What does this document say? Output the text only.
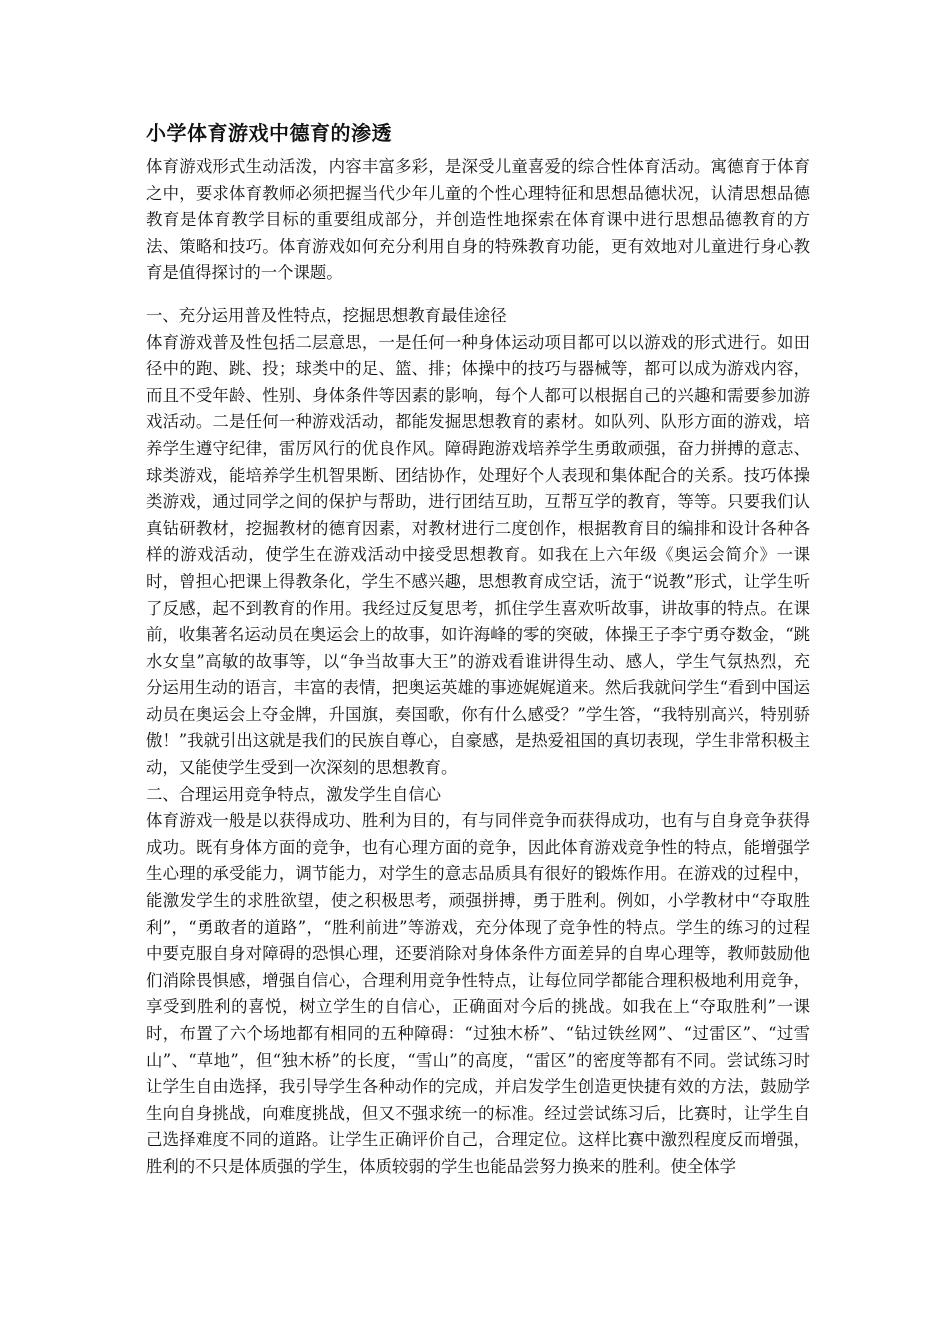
小学体育游戏中德育的渗透

体育游戏形式生动活泼，内容丰富多彩，是深受儿童喜爱的综合性体育活动。寓德育于体育之中，要求体育教师必须把握当代少年儿童的个性心理特征和思想品德状况，认清思想品德教育是体育教学目标的重要组成部分，并创造性地探索在体育课中进行思想品德教育的方法、策略和技巧。体育游戏如何充分利用自身的特殊教育功能，更有效地对儿童进行身心教育是值得探讨的一个课题。

一、充分运用普及性特点，挖掘思想教育最佳途径

体育游戏普及性包括二层意思，一是任何一种身体运动项目都可以以游戏的形式进行。如田径中的跑、跳、投；球类中的足、篮、排；体操中的技巧与器械等，都可以成为游戏内容，而且不受年龄、性别、身体条件等因素的影响，每个人都可以根据自己的兴趣和需要参加游戏活动。二是任何一种游戏活动，都能发掘思想教育的素材。如队列、队形方面的游戏，培养学生遵守纪律，雷厉风行的优良作风。障碍跑游戏培养学生勇敢顽强，奋力拼搏的意志、球类游戏，能培养学生机智果断、团结协作，处理好个人表现和集体配合的关系。技巧体操类游戏，通过同学之间的保护与帮助，进行团结互助，互帮互学的教育，等等。只要我们认真钻研教材，挖掘教材的德育因素，对教材进行二度创作，根据教育目的编排和设计各种各样的游戏活动，使学生在游戏活动中接受思想教育。如我在上六年级《奥运会简介》一课时，曾担心把课上得教条化，学生不感兴趣，思想教育成空话，流于“说教”形式，让学生听了反感，起不到教育的作用。我经过反复思考，抓住学生喜欢听故事，讲故事的特点。在课前，收集著名运动员在奥运会上的故事，如许海峰的零的突破，体操王子李宁勇夺数金，“跳水女皇”高敏的故事等，以“争当故事大王”的游戏看谁讲得生动、感人，学生气氛热烈，充分运用生动的语言，丰富的表情，把奥运英雄的事迹娓娓道来。然后我就问学生“看到中国运动员在奥运会上夺金牌，升国旗，奏国歌，你有什么感受？”学生答，“我特别高兴，特别骄傲！”我就引出这就是我们的民族自尊心，自豪感，是热爱祖国的真切表现，学生非常积极主动，又能使学生受到一次深刻的思想教育。

二、合理运用竞争特点，激发学生自信心

体育游戏一般是以获得成功、胜利为目的，有与同伴竞争而获得成功，也有与自身竞争获得成功。既有身体方面的竞争，也有心理方面的竞争，因此体育游戏竞争性的特点，能增强学生心理的承受能力，调节能力，对学生的意志品质具有很好的锻炼作用。在游戏的过程中，能激发学生的求胜欲望，使之积极思考，顽强拼搏，勇于胜利。例如，小学教材中“夺取胜利”，“勇敢者的道路”，“胜利前进”等游戏，充分体现了竞争性的特点。学生的练习的过程中要克服自身对障碍的恐惧心理，还要消除对身体条件方面差异的自卑心理等，教师鼓励他们消除畏惧感，增强自信心，合理利用竞争性特点，让每位同学都能合理积极地利用竞争，享受到胜利的喜悦，树立学生的自信心，正确面对今后的挑战。如我在上“夺取胜利”一课时，布置了六个场地都有相同的五种障碍：“过独木桥”、“钻过铁丝网”、“过雷区”、“过雪山”、“草地”，但“独木桥”的长度，“雪山”的高度，“雷区”的密度等都有不同。尝试练习时让学生自由选择，我引导学生各种动作的完成，并启发学生创造更快捷有效的方法，鼓励学生向自身挑战，向难度挑战，但又不强求统一的标准。经过尝试练习后，比赛时，让学生自己选择难度不同的道路。让学生正确评价自己，合理定位。这样比赛中激烈程度反而增强，胜利的不只是体质强的学生，体质较弱的学生也能品尝努力换来的胜利。使全体学
